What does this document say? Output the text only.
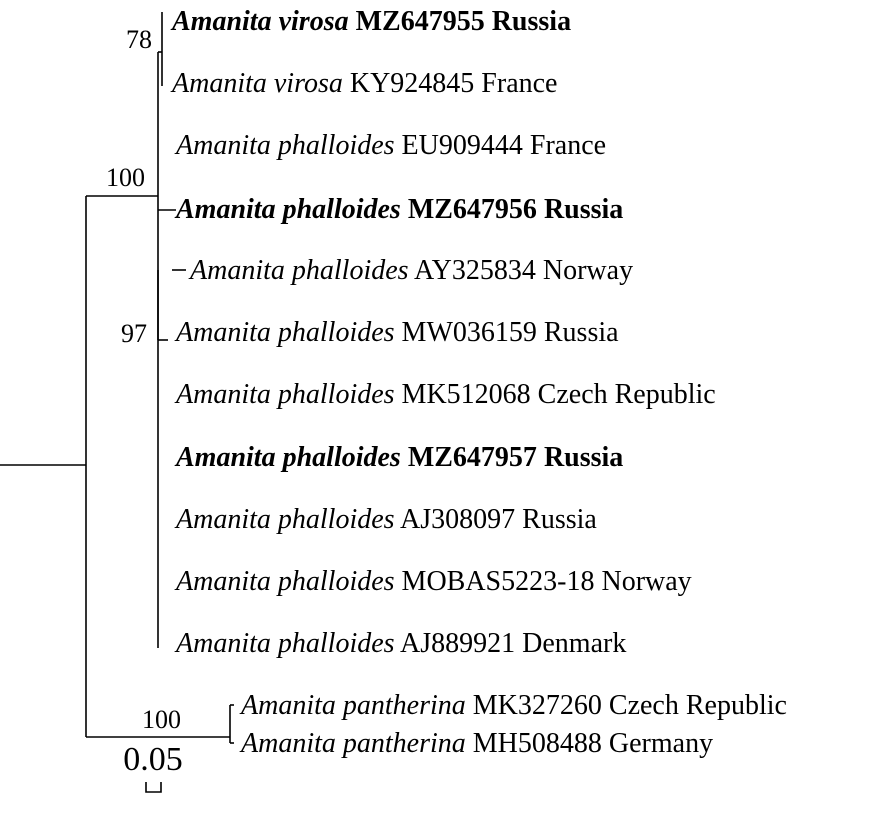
Amanita virosa MZ647955 Russia
Amanita virosa KY924845 France
Amanita phalloides EU909444 France
Amanita phalloides MZ647956 Russia
Amanita phalloides AY325834 Norway
Amanita phalloides MW036159 Russia
Amanita phalloides MK512068 Czech Republic
Amanita phalloides MZ647957 Russia
Amanita phalloides AJ308097 Russia
Amanita phalloides MOBAS5223-18 Norway
Amanita phalloides AJ889921 Denmark
Amanita pantherina MK327260 Czech Republic
Amanita pantherina MH508488 Germany
78
100
97
100
0.05
